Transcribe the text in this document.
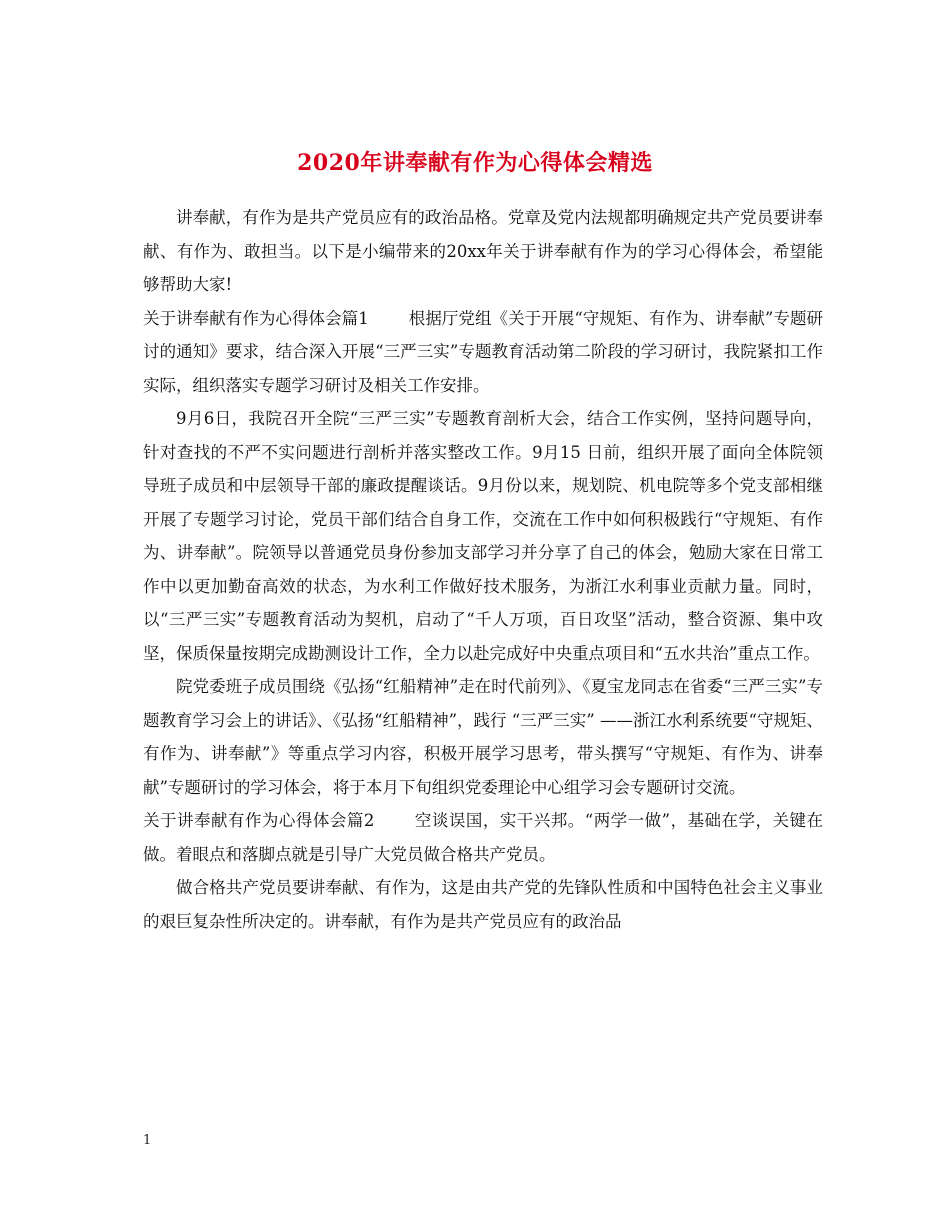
2020年讲奉献有作为心得体会精选

讲奉献，有作为是共产党员应有的政治品格。党章及党内法规都明确规定共产党员要讲奉献、有作为、敢担当。以下是小编带来的20xx年关于讲奉献有作为的学习心得体会，希望能够帮助大家!

关于讲奉献有作为心得体会篇1 根据厅党组《关于开展“守规矩、有作为、讲奉献”专题研讨的通知》要求，结合深入开展“三严三实”专题教育活动第二阶段的学习研讨，我院紧扣工作实际，组织落实专题学习研讨及相关工作安排。

9月6日，我院召开全院“三严三实”专题教育剖析大会，结合工作实例，坚持问题导向，针对查找的不严不实问题进行剖析并落实整改工作。9月15 日前，组织开展了面向全体院领导班子成员和中层领导干部的廉政提醒谈话。9月份以来，规划院、机电院等多个党支部相继开展了专题学习讨论，党员干部们结合自身工作，交流在工作中如何积极践行“守规矩、有作为、讲奉献”。院领导以普通党员身份参加支部学习并分享了自己的体会，勉励大家在日常工作中以更加勤奋高效的状态，为水利工作做好技术服务，为浙江水利事业贡献力量。同时，以“三严三实”专题教育活动为契机，启动了“千人万项，百日攻坚”活动，整合资源、集中攻坚，保质保量按期完成勘测设计工作，全力以赴完成好中央重点项目和“五水共治”重点工作。

院党委班子成员围绕《弘扬“红船精神”走在时代前列》、《夏宝龙同志在省委“三严三实”专题教育学习会上的讲话》、《弘扬“红船精神”，践行 “三严三实” ——浙江水利系统要“守规矩、有作为、讲奉献”》等重点学习内容，积极开展学习思考，带头撰写“守规矩、有作为、讲奉献”专题研讨的学习体会，将于本月下旬组织党委理论中心组学习会专题研讨交流。

关于讲奉献有作为心得体会篇2 空谈误国，实干兴邦。“两学一做”，基础在学，关键在做。着眼点和落脚点就是引导广大党员做合格共产党员。

做合格共产党员要讲奉献、有作为，这是由共产党的先锋队性质和中国特色社会主义事业的艰巨复杂性所决定的。讲奉献，有作为是共产党员应有的政治品

1
